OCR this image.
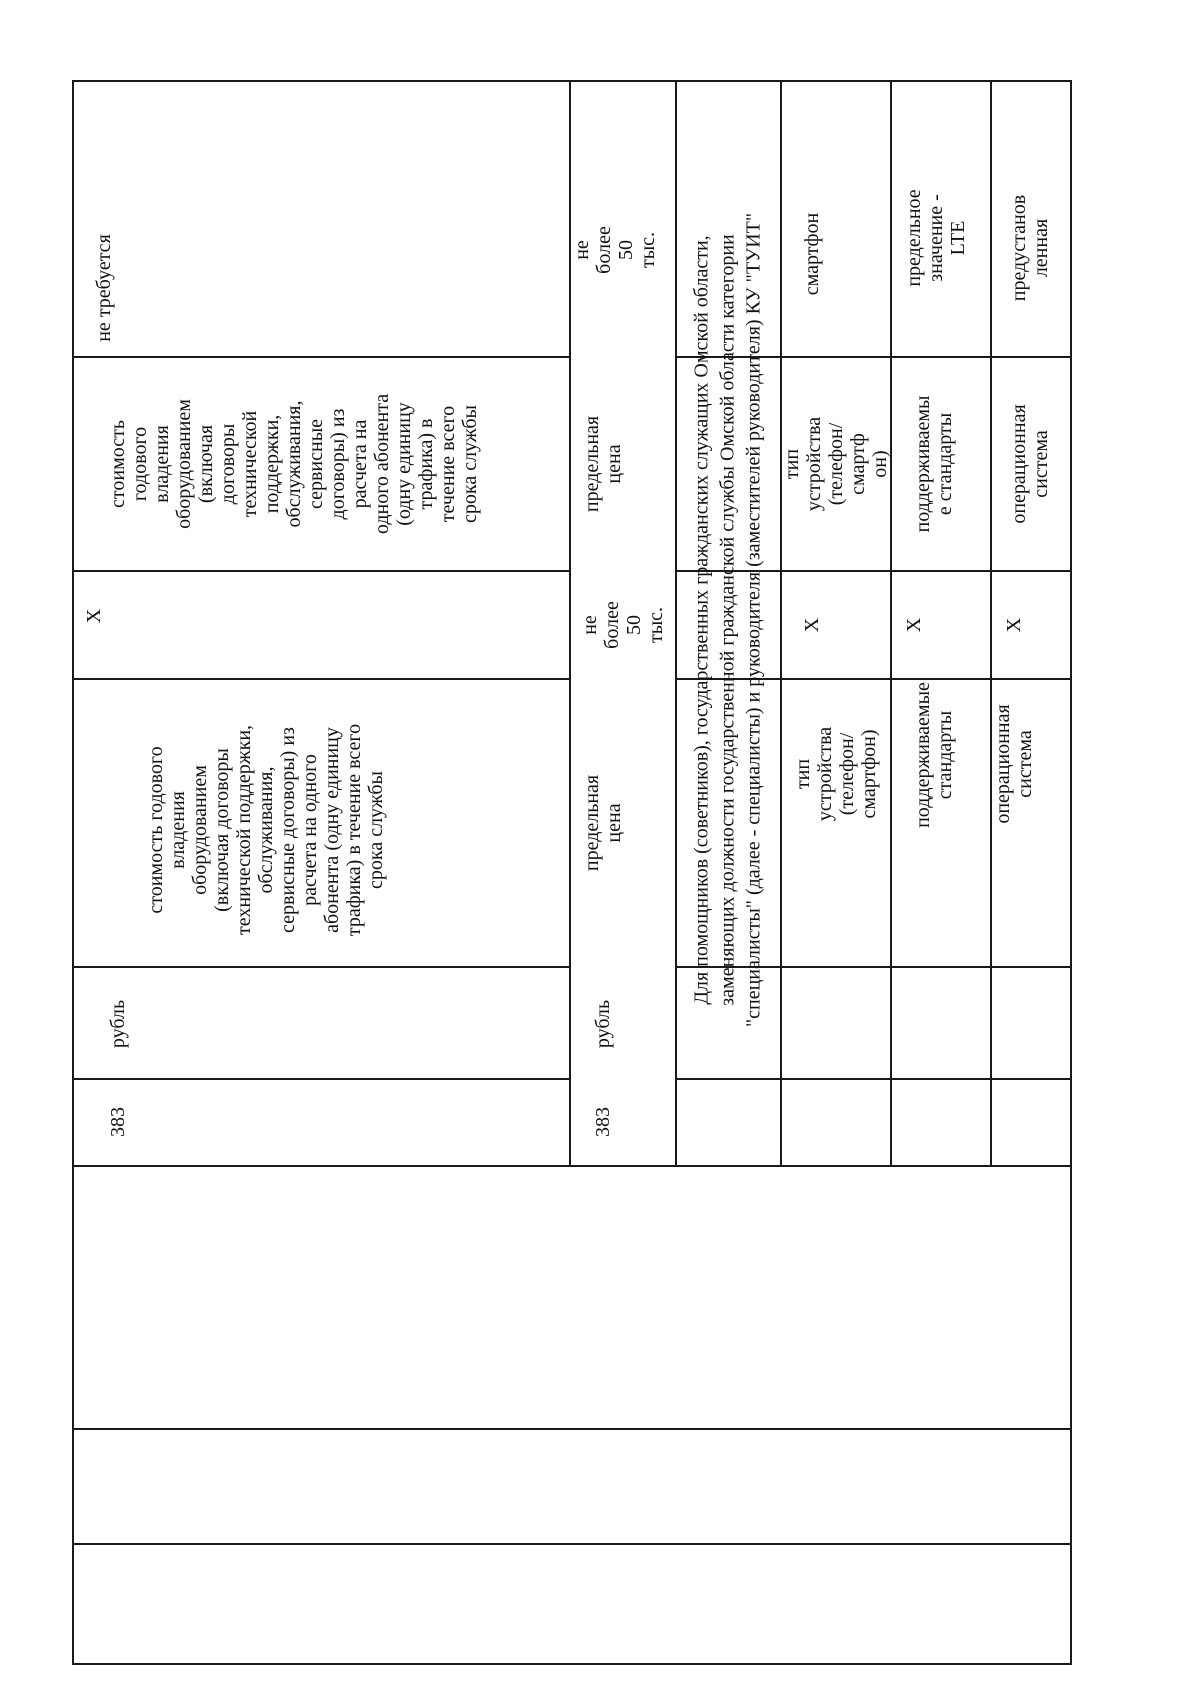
383
рубль
стоимость годового
владения
оборудованием
(включая договоры
технической поддержки,
обслуживания,
сервисные договоры) из
расчета на одного
абонента (одну единицу
трафика) в течение всего
срока службы
X
стоимость
годового
владения
оборудованием
(включая
договоры
технической
поддержки,
обслуживания,
сервисные
договоры) из
расчета на
одного абонента
(одну единицу
трафика) в
течение всего
срока службы
не требуется
383
рубль
предельная цена
не
более
50 тыс.
предельная цена
не более 50
тыс. Для помощников (советников), государственных гражданских служащих Омской области, заменяющих должности государственной гражданской службы Омской области категории "специалисты" (далее - специалисты) и руководителя (заместителей руководителя) КУ "ТУИТ" тип устройства
(телефон/смартфон)
X
тип устройства
(телефон/смартф
он)
смартфон
поддерживаемые
стандарты
X
поддерживаемы
е стандарты
предельное
значение -
LTE
операционная система
X
операционная
система
предустанов
ленная
